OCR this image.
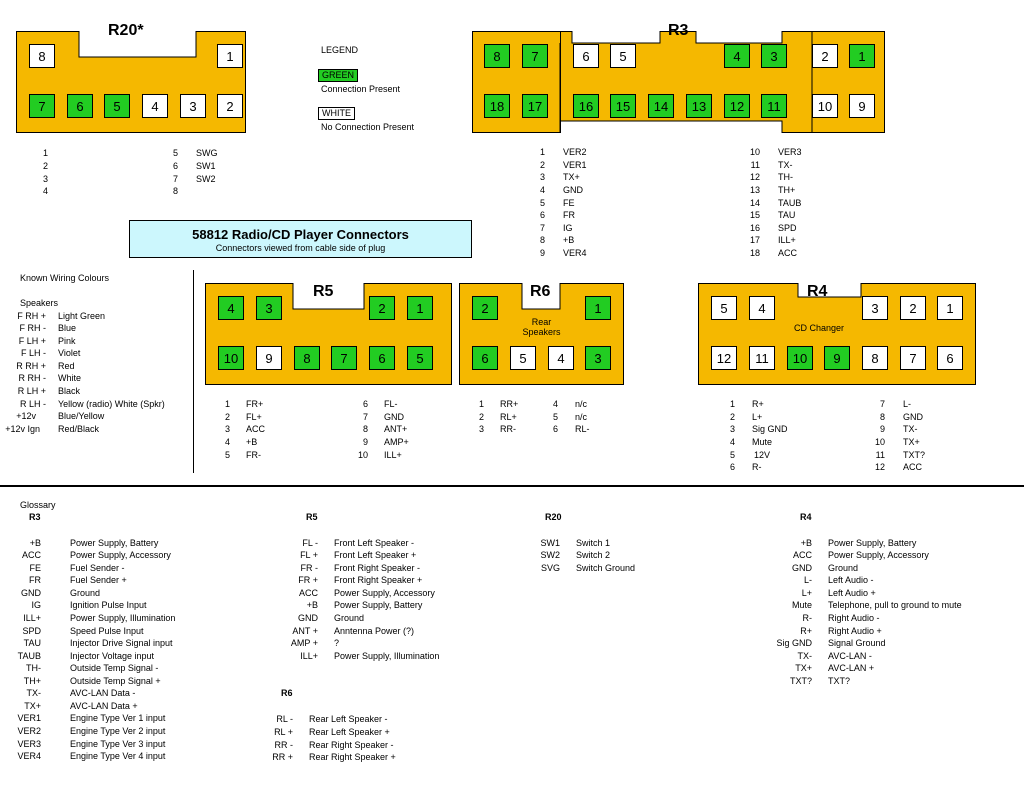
R20*
8	1
7	6	5	4	3	2
LEGEND
GREEN
Connection Present
WHITE
No Connection Present
R3
8	7	6	5	4	3	2	1
18	17	16	15	14	13	12	11	10	9
1
2
3
4
5 SWG
6 SW1
7 SW2
8
1 VER2
2 VER1
3 TX+
4 GND
5 FE
6 FR
7 IG
8 +B
9 VER4
10 VER3
11 TX-
12 TH-
13 TH+
14 TAUB
15 TAU
16 SPD
17 ILL+
18 ACC
58812 Radio/CD Player Connectors
Connectors viewed from cable side of plug
Known Wiring Colours
Speakers
F RH + Light Green
F RH - Blue
F LH + Pink
F LH - Violet
R RH + Red
R RH - White
R LH + Black
R LH - Yellow (radio) White (Spkr)
+12v Blue/Yellow
+12v Ign Red/Black
R5
4	3	2	1
10	9	8	7	6	5
R6
Rear Speakers
2	1
6	5	4	3
R4
CD Changer
5	4	3	2	1
12	11	10	9	8	7	6
1 FR+
2 FL+
3 ACC
4 +B
5 FR-
6 FL-
7 GND
8 ANT+
9 AMP+
10 ILL+
1 RR+
2 RL+
3 RR-
4 n/c
5 n/c
6 RL-
1 R+
2 L+
3 Sig GND
4 Mute
5 12V
6 R-
7 L-
8 GND
9 TX-
10 TX+
11 TXT?
12 ACC
Glossary
R3
+B	Power Supply, Battery
ACC	Power Supply, Accessory
FE	Fuel Sender -
FR	Fuel Sender +
GND	Ground
IG	Ignition Pulse Input
ILL+	Power Supply, Illumination
SPD	Speed Pulse Input
TAU	Injector Drive Signal input
TAUB	Injector Voltage input
TH-	Outside Temp Signal -
TH+	Outside Temp Signal +
TX-	AVC-LAN Data -
TX+	AVC-LAN Data +
VER1	Engine Type Ver 1 input
VER2	Engine Type Ver 2 input
VER3	Engine Type Ver 3 input
VER4	Engine Type Ver 4 input
R5
FL - Front Left Speaker -
FL + Front Left Speaker +
FR - Front Right Speaker -
FR + Front Right Speaker +
ACC Power Supply, Accessory
+B Power Supply, Battery
GND Ground
ANT + Anntenna Power (?)
AMP + ?
ILL+ Power Supply, Illumination
R6
RL - Rear Left Speaker -
RL + Rear Left Speaker +
RR - Rear Right Speaker -
RR + Rear Right Speaker +
R20
SW1 Switch 1
SW2 Switch 2
SVG Switch Ground
R4
+B Power Supply, Battery
ACC Power Supply, Accessory
GND Ground
L- Left Audio -
L+ Left Audio +
Mute Telephone, pull to ground to mute
R- Right Audio -
R+ Right Audio +
Sig GND Signal Ground
TX- AVC-LAN -
TX+ AVC-LAN +
TXT? TXT?
